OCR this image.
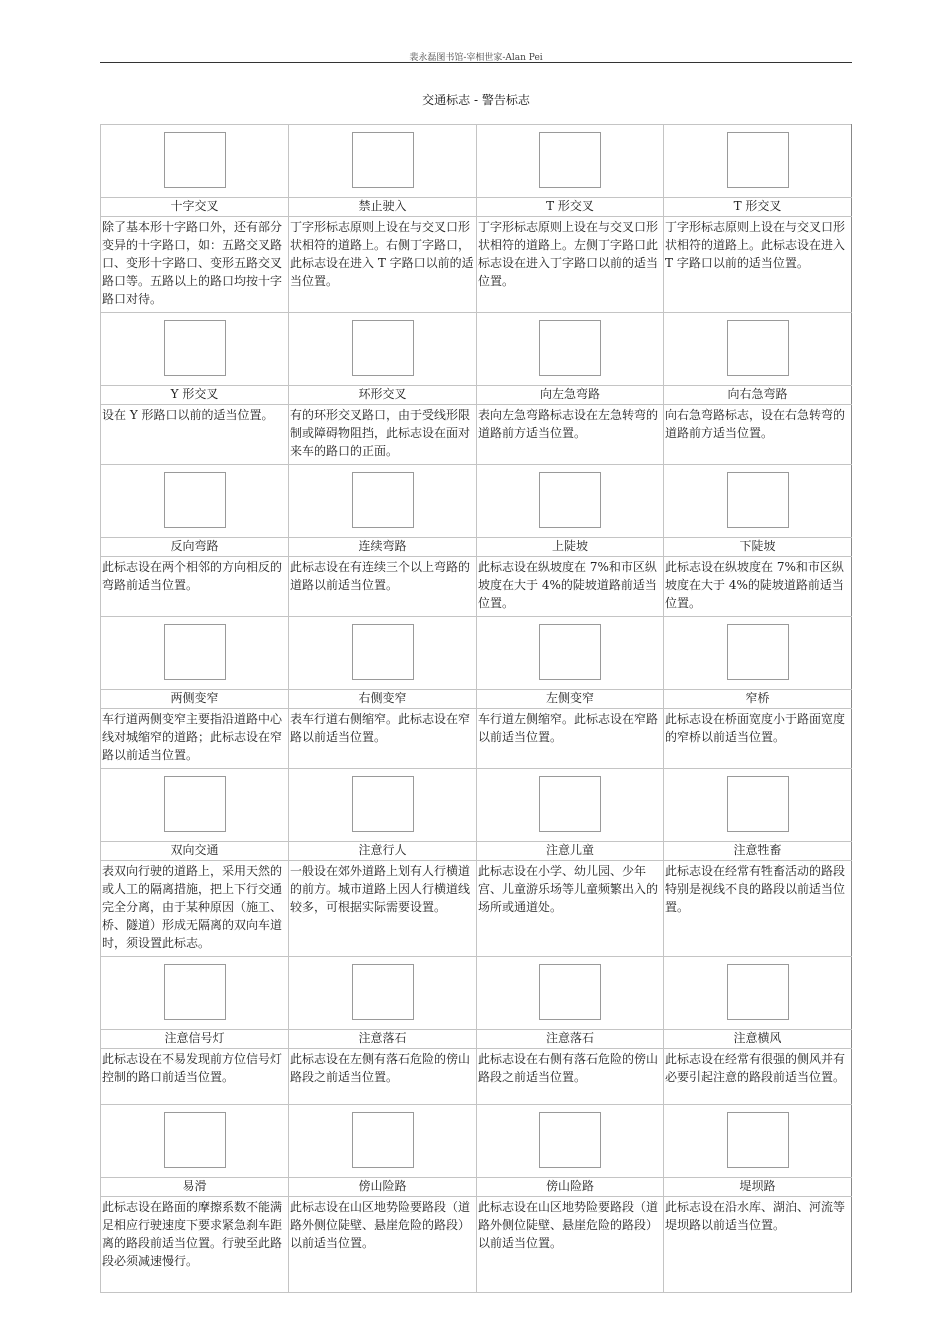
裴永磊图书馆-宰相世家-Alan Pei
交通标志 - 警告标志

十字交叉	禁止驶入	T 形交叉	T 形交叉
除了基本形十字路口外，还有部分变异的十字路口，如：五路交叉路口、变形十字路口、变形五路交叉路口等。五路以上的路口均按十字路口对待。	丁字形标志原则上设在与交叉口形状相符的道路上。右侧丁字路口，此标志设在进入 T 字路口以前的适当位置。	丁字形标志原则上设在与交叉口形状相符的道路上。左侧丁字路口此标志设在进入丁字路口以前的适当位置。	丁字形标志原则上设在与交叉口形状相符的道路上。此标志设在进入 T 字路口以前的适当位置。

Y 形交叉	环形交叉	向左急弯路	向右急弯路
设在 Y 形路口以前的适当位置。	有的环形交叉路口，由于受线形限制或障碍物阻挡，此标志设在面对来车的路口的正面。	表向左急弯路标志设在左急转弯的道路前方适当位置。	向右急弯路标志，设在右急转弯的道路前方适当位置。

反向弯路	连续弯路	上陡坡	下陡坡
此标志设在两个相邻的方向相反的弯路前适当位置。	此标志设在有连续三个以上弯路的道路以前适当位置。	此标志设在纵坡度在 7%和市区纵坡度在大于 4%的陡坡道路前适当位置。	此标志设在纵坡度在 7%和市区纵坡度在大于 4%的陡坡道路前适当位置。

两侧变窄	右侧变窄	左侧变窄	窄桥
车行道两侧变窄主要指沿道路中心线对城缩窄的道路；此标志设在窄路以前适当位置。	表车行道右侧缩窄。此标志设在窄路以前适当位置。	车行道左侧缩窄。此标志设在窄路以前适当位置。	此标志设在桥面宽度小于路面宽度的窄桥以前适当位置。

双向交通	注意行人	注意儿童	注意牲畜
表双向行驶的道路上，采用天然的或人工的隔离措施，把上下行交通完全分离，由于某种原因（施工、桥、隧道）形成无隔离的双向车道时，须设置此标志。	一般设在郊外道路上划有人行横道的前方。城市道路上因人行横道线较多，可根据实际需要设置。	此标志设在小学、幼儿园、少年宫、儿童游乐场等儿童频繁出入的场所或通道处。	此标志设在经常有牲畜活动的路段特别是视线不良的路段以前适当位置。

注意信号灯	注意落石	注意落石	注意横风
此标志设在不易发现前方位信号灯控制的路口前适当位置。	此标志设在左侧有落石危险的傍山路段之前适当位置。	此标志设在右侧有落石危险的傍山路段之前适当位置。	此标志设在经常有很强的侧风并有必要引起注意的路段前适当位置。

易滑	傍山险路	傍山险路	堤坝路
此标志设在路面的摩擦系数不能满足相应行驶速度下要求紧急刹车距离的路段前适当位置。行驶至此路段必须减速慢行。	此标志设在山区地势险要路段（道路外侧位陡壁、悬崖危险的路段）以前适当位置。	此标志设在山区地势险要路段（道路外侧位陡壁、悬崖危险的路段）以前适当位置。	此标志设在沿水库、湖泊、河流等堤坝路以前适当位置。
